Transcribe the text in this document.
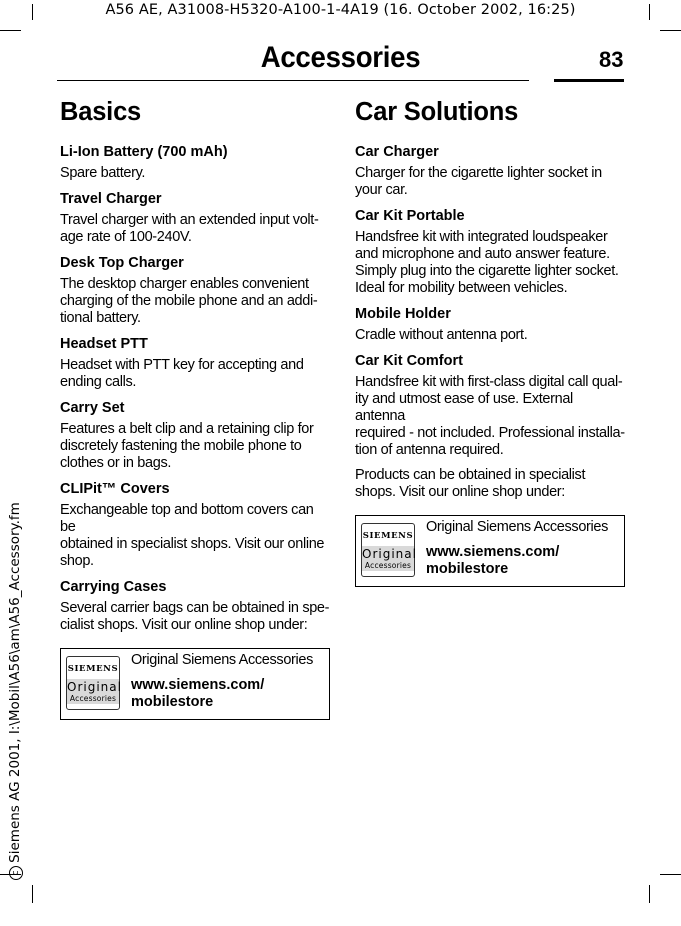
A56 AE, A31008-H5320-A100-1-4A19 (16. October 2002, 16:25)
cSiemens AG 2001, I:\Mobil\A56\am\A56_Accessory.fm
Accessories	83
Basics
Li-Ion Battery (700 mAh)

Spare battery.

Travel Charger

Travel charger with an extended input volt-
age rate of 100-240V.

Desk Top Charger

The desktop charger enables convenient
charging of the mobile phone and an addi-
tional battery.

Headset PTT

Headset with PTT key for accepting and
ending calls.

Carry Set

Features a belt clip and a retaining clip for
discretely fastening the mobile phone to
clothes or in bags.

CLIPit™ Covers

Exchangeable top and bottom covers can be
obtained in specialist shops. Visit our online
shop.

Carrying Cases

Several carrier bags can be obtained in spe-
cialist shops. Visit our online shop under:

SIEMENS
Original
Accessories
Original Siemens Accessories
www.siemens.com/
mobilestore
Car Solutions
Car Charger

Charger for the cigarette lighter socket in
your car.

Car Kit Portable

Handsfree kit with integrated loudspeaker
and microphone and auto answer feature.
Simply plug into the cigarette lighter socket.
Ideal for mobility between vehicles.

Mobile Holder

Cradle without antenna port.

Car Kit Comfort

Handsfree kit with first-class digital call qual-
ity and utmost ease of use. External antenna
required - not included. Professional installa-
tion of antenna required.

Products can be obtained in specialist
shops. Visit our online shop under:

SIEMENS
Original
Accessories
Original Siemens Accessories
www.siemens.com/
mobilestore
